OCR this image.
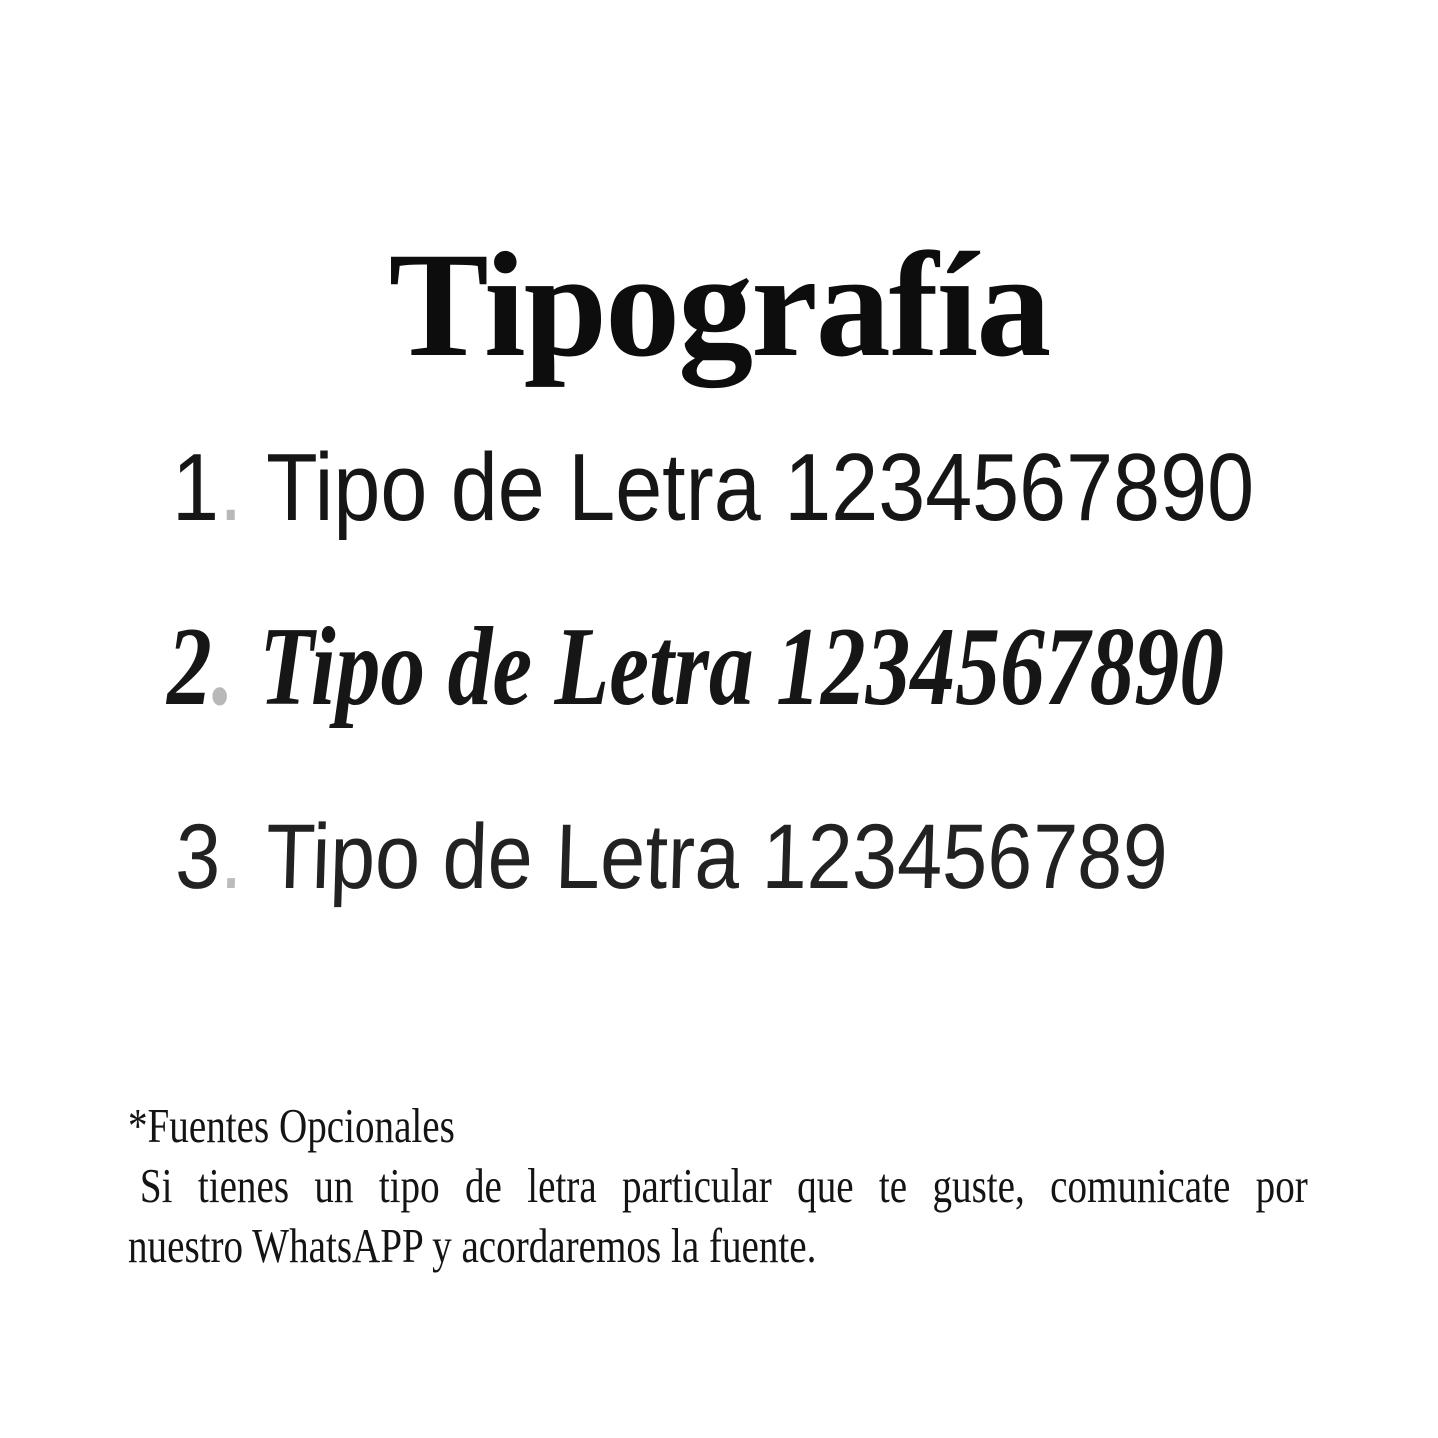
Tipografía
1. Tipo de Letra 1234567890
2. Tipo de Letra 1234567890
3. Tipo de Letra 123456789
*Fuentes Opcionales
Si tienes un tipo de letra particular que te guste, comunicate por
nuestro WhatsAPP y acordaremos la fuente.
